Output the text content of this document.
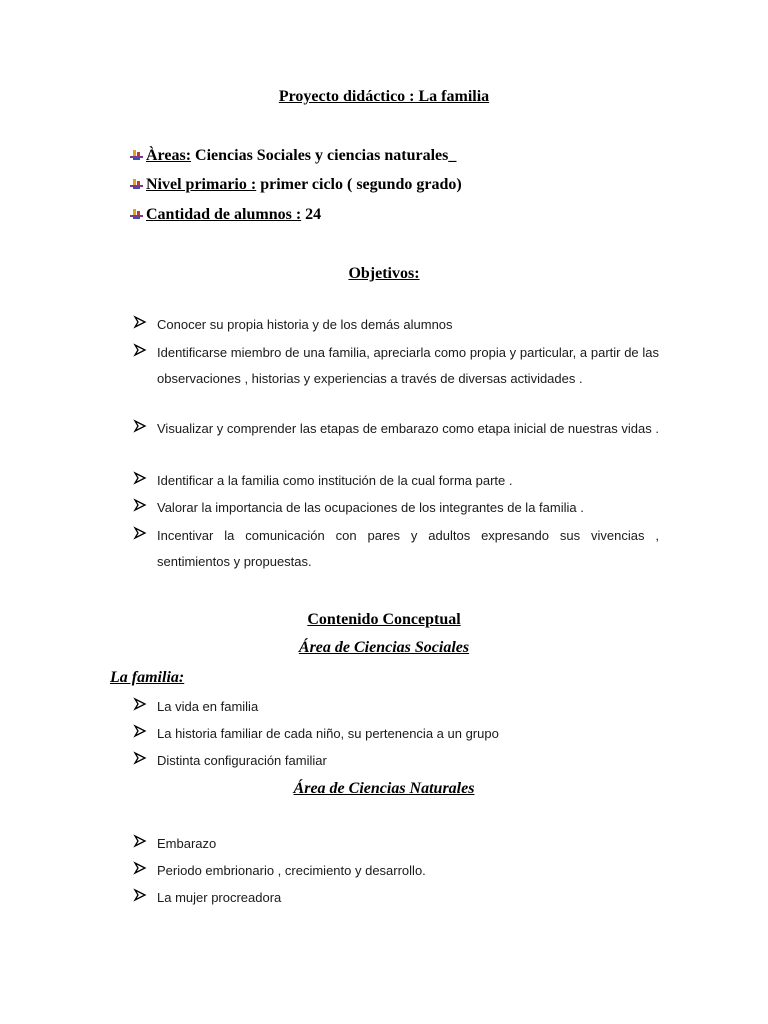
Proyecto didáctico : La familia
Àreas: Ciencias Sociales y ciencias naturales_
Nivel primario : primer ciclo ( segundo grado)
Cantidad de alumnos : 24
Objetivos:
Conocer su propia historia y de los demás alumnos
Identificarse miembro de una familia, apreciarla como propia y particular, a partir de las observaciones , historias y experiencias a través de diversas actividades .
Visualizar y comprender las etapas de embarazo como etapa inicial de nuestras vidas .
Identificar a la familia como institución de la cual forma parte .
Valorar la importancia de las ocupaciones de los integrantes de la familia .
Incentivar la comunicación con pares y adultos expresando sus vivencias , sentimientos y propuestas.
Contenido Conceptual
Área de Ciencias Sociales
La familia:
La vida en familia
La historia familiar de cada niño, su pertenencia a un grupo
Distinta configuración familiar
Área de Ciencias Naturales
Embarazo
Periodo embrionario , crecimiento y desarrollo.
La mujer procreadora
